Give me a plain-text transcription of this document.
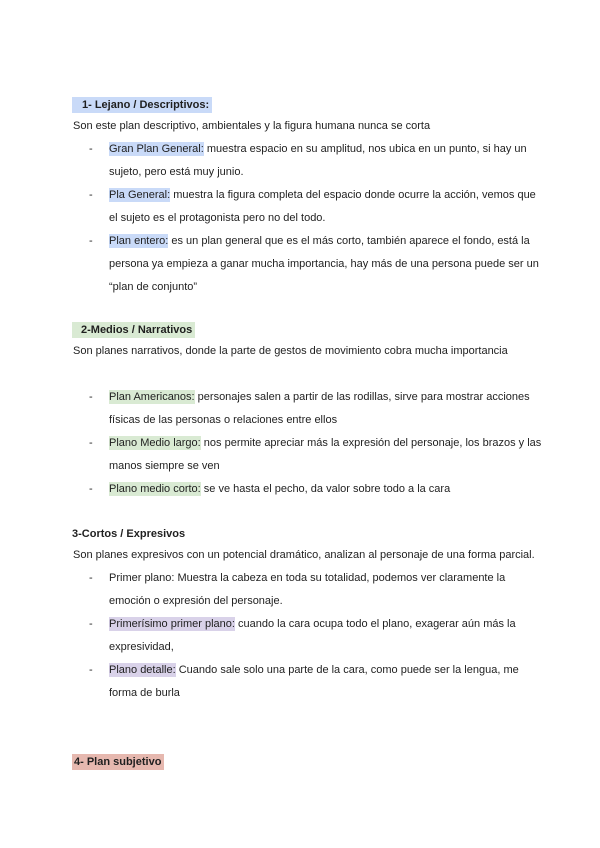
1- Lejano / Descriptivos:

Son este plan descriptivo, ambientales y la figura humana nunca se corta

- Gran Plan General: muestra espacio en su amplitud, nos ubica en un punto, si hay un sujeto, pero está muy junio.
- Pla General: muestra la figura completa del espacio donde ocurre la acción, vemos que el sujeto es el protagonista pero no del todo.
- Plan entero: es un plan general que es el más corto, también aparece el fondo, está la persona ya empieza a ganar mucha importancia, hay más de una persona puede ser un “plan de conjunto”
2-Medios / Narrativos

Son planes narrativos, donde la parte de gestos de movimiento cobra mucha importancia

- Plan Americanos: personajes salen a partir de las rodillas, sirve para mostrar acciones físicas de las personas o relaciones entre ellos
- Plano Medio largo: nos permite apreciar más la expresión del personaje, los brazos y las manos siempre se ven
- Plano medio corto: se ve hasta el pecho, da valor sobre todo a la cara
3-Cortos / Expresivos

Son planes expresivos con un potencial dramático, analizan al personaje de una forma parcial.

- Primer plano: Muestra la cabeza en toda su totalidad, podemos ver claramente la emoción o expresión del personaje.
- Primerísimo primer plano: cuando la cara ocupa todo el plano, exagerar aún más la expresividad,
- Plano detalle: Cuando sale solo una parte de la cara, como puede ser la lengua, me forma de burla
4- Plan subjetivo
